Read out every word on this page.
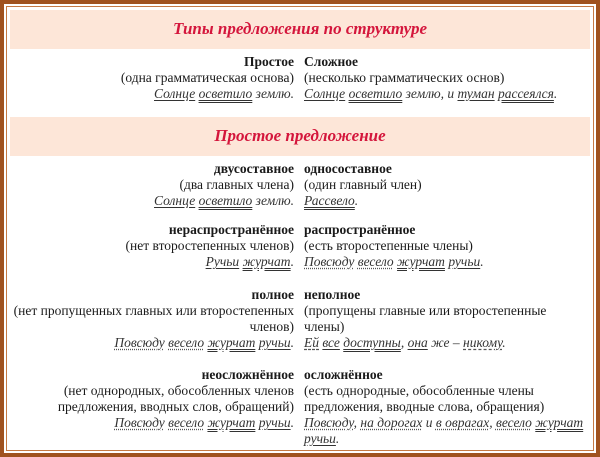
Типы предложения по структуре
Простое
(одна грамматическая основа)
Солнце осветило землю.
Сложное
(несколько грамматических основ)
Солнце осветило землю, и туман рассеялся.
Простое предложение
двусоставное
(два главных члена)
Солнце осветило землю.
односоставное
(один главный член)
Рассвело.
нераспространённое
(нет второстепенных членов)
Ручьи журчат.
распространённое
(есть второстепенные члены)
Повсюду весело журчат ручьи.
полное
(нет пропущенных главных или второстепенных членов)
Повсюду весело журчат ручьи.
неполное
(пропущены главные или второстепенные члены)
Ей все доступны, она же – никому.
неосложнённое
(нет однородных, обособленных членов предложения, вводных слов, обращений)
Повсюду весело журчат ручьи.
осложнённое
(есть однородные, обособленные члены предложения, вводные слова, обращения)
Повсюду, на дорогах и в оврагах, весело журчат ручьи.
